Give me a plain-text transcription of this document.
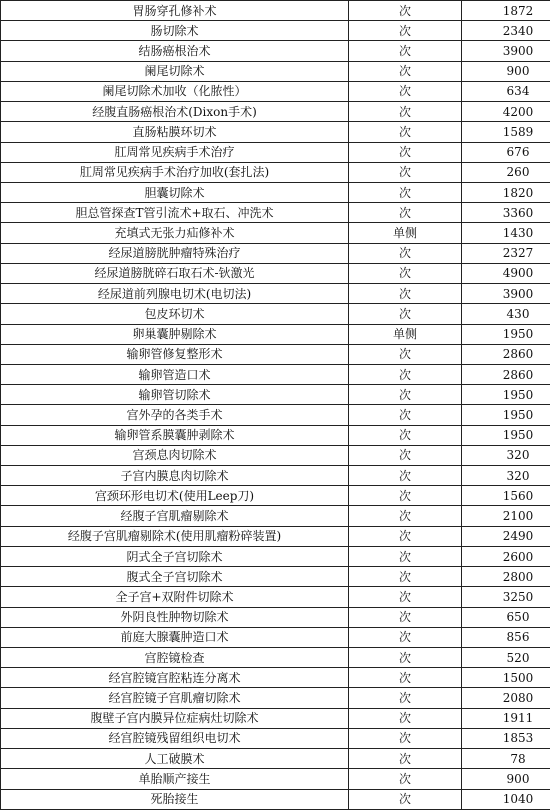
胃肠穿孔修补术	次	1872
肠切除术	次	2340
结肠癌根治术	次	3900
阑尾切除术	次	900
阑尾切除术加收（化脓性）	次	634
经腹直肠癌根治术(Dixon手术)	次	4200
直肠粘膜环切术	次	1589
肛周常见疾病手术治疗	次	676
肛周常见疾病手术治疗加收(套扎法)	次	260
胆囊切除术	次	1820
胆总管探查T管引流术+取石、冲洗术	次	3360
充填式无张力疝修补术	单侧	1430
经尿道膀胱肿瘤特殊治疗	次	2327
经尿道膀胱碎石取石术-钬激光	次	4900
经尿道前列腺电切术(电切法)	次	3900
包皮环切术	次	430
卵巢囊肿剔除术	单侧	1950
输卵管修复整形术	次	2860
输卵管造口术	次	2860
输卵管切除术	次	1950
宫外孕的各类手术	次	1950
输卵管系膜囊肿剥除术	次	1950
宫颈息肉切除术	次	320
子宫内膜息肉切除术	次	320
宫颈环形电切术(使用Leep刀)	次	1560
经腹子宫肌瘤剔除术	次	2100
经腹子宫肌瘤剔除术(使用肌瘤粉碎装置)	次	2490
阴式全子宫切除术	次	2600
腹式全子宫切除术	次	2800
全子宫+双附件切除术	次	3250
外阴良性肿物切除术	次	650
前庭大腺囊肿造口术	次	856
宫腔镜检查	次	520
经宫腔镜宫腔粘连分离术	次	1500
经宫腔镜子宫肌瘤切除术	次	2080
腹壁子宫内膜异位症病灶切除术	次	1911
经宫腔镜残留组织电切术	次	1853
人工破膜术	次	78
单胎顺产接生	次	900
死胎接生	次	1040
